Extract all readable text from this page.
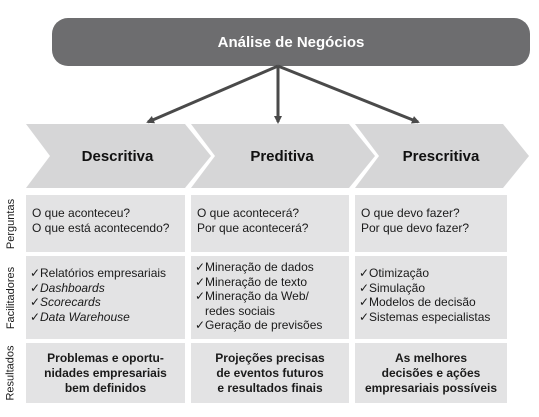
Análise de Negócios
Descritiva	Preditiva	Prescritiva
Perguntas
Facilitadores
Resultados
O que aconteceu?
O que está acontecendo?
O que acontecerá?
Por que acontecerá?
O que devo fazer?
Por que devo fazer?
✓Relatórios empresariais
✓Dashboards
✓Scorecards
✓Data Warehouse
✓Mineração de dados
✓Mineração de texto
✓Mineração da Web/
redes sociais
✓Geração de previsões
✓Otimização
✓Simulação
✓Modelos de decisão
✓Sistemas especialistas
Problemas e oportu-
nidades empresariais
bem definidos
Projeções precisas
de eventos futuros
e resultados finais
As melhores
decisões e ações
empresariais possíveis
